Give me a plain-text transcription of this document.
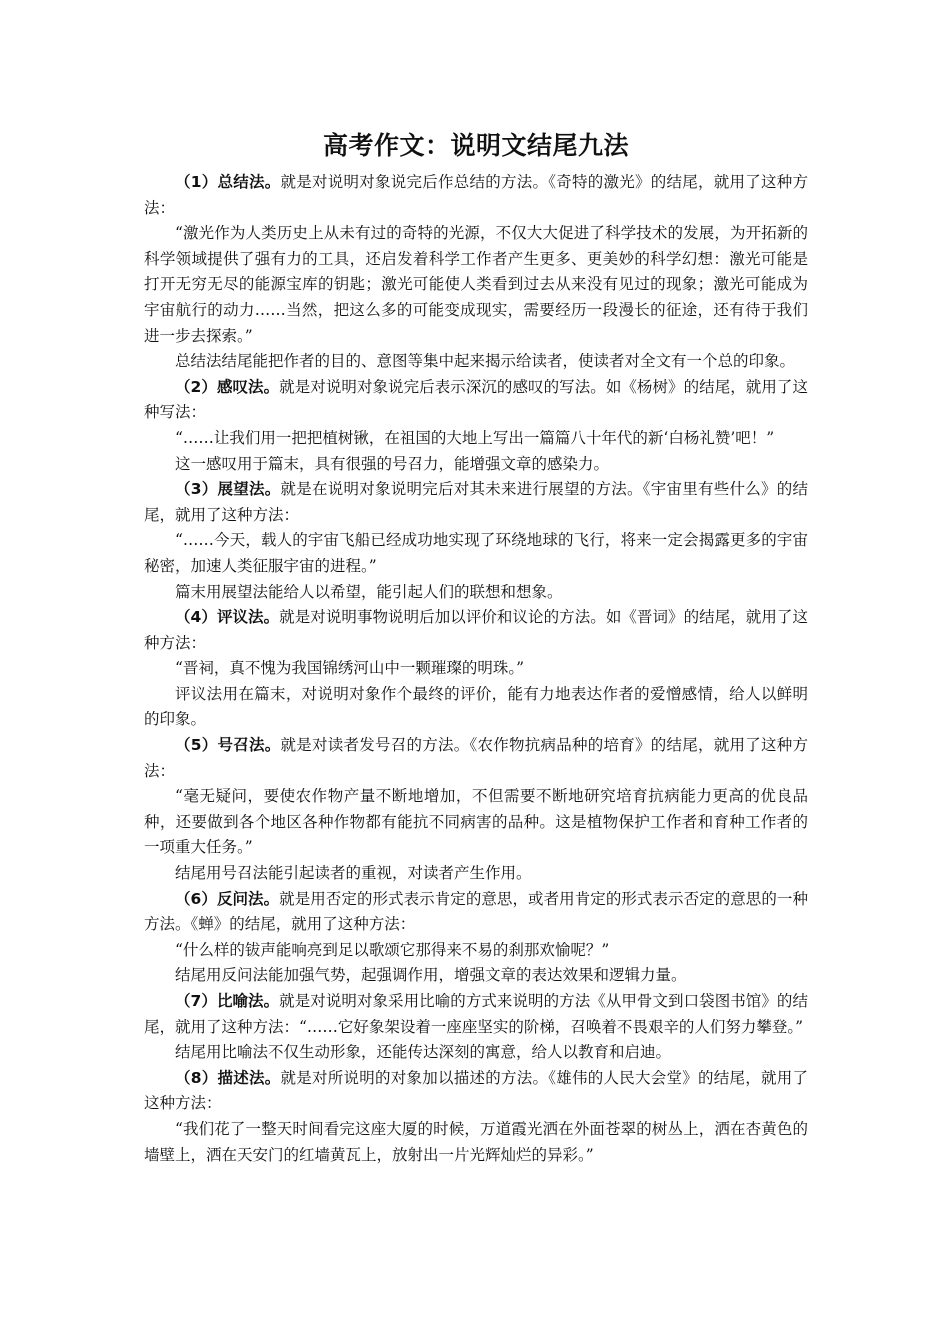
高考作文：说明文结尾九法

（1）总结法。就是对说明对象说完后作总结的方法。《奇特的激光》的结尾，就用了这种方法：

“激光作为人类历史上从未有过的奇特的光源，不仅大大促进了科学技术的发展，为开拓新的科学领域提供了强有力的工具，还启发着科学工作者产生更多、更美妙的科学幻想：激光可能是打开无穷无尽的能源宝库的钥匙；激光可能使人类看到过去从来没有见过的现象；激光可能成为宇宙航行的动力……当然，把这么多的可能变成现实，需要经历一段漫长的征途，还有待于我们进一步去探索。”

总结法结尾能把作者的目的、意图等集中起来揭示给读者，使读者对全文有一个总的印象。

（2）感叹法。就是对说明对象说完后表示深沉的感叹的写法。如《杨树》的结尾，就用了这种写法：

“……让我们用一把把植树锹，在祖国的大地上写出一篇篇八十年代的新‘白杨礼赞’吧！”

这一感叹用于篇末，具有很强的号召力，能增强文章的感染力。

（3）展望法。就是在说明对象说明完后对其未来进行展望的方法。《宇宙里有些什么》的结尾，就用了这种方法：

“……今天，载人的宇宙飞船已经成功地实现了环绕地球的飞行，将来一定会揭露更多的宇宙秘密，加速人类征服宇宙的进程。”

篇末用展望法能给人以希望，能引起人们的联想和想象。

（4）评议法。就是对说明事物说明后加以评价和议论的方法。如《晋词》的结尾，就用了这种方法：

“晋祠，真不愧为我国锦绣河山中一颗璀璨的明珠。”

评议法用在篇末，对说明对象作个最终的评价，能有力地表达作者的爱憎感情，给人以鲜明的印象。

（5）号召法。就是对读者发号召的方法。《农作物抗病品种的培育》的结尾，就用了这种方法：

“毫无疑问，要使农作物产量不断地增加，不但需要不断地研究培育抗病能力更高的优良品种，还要做到各个地区各种作物都有能抗不同病害的品种。这是植物保护工作者和育种工作者的一项重大任务。”

结尾用号召法能引起读者的重视，对读者产生作用。

（6）反问法。就是用否定的形式表示肯定的意思，或者用肯定的形式表示否定的意思的一种方法。《蝉》的结尾，就用了这种方法：

“什么样的钹声能响亮到足以歌颂它那得来不易的刹那欢愉呢？”

结尾用反问法能加强气势，起强调作用，增强文章的表达效果和逻辑力量。

（7）比喻法。就是对说明对象采用比喻的方式来说明的方法《从甲骨文到口袋图书馆》的结尾，就用了这种方法：“……它好象架设着一座座坚实的阶梯，召唤着不畏艰辛的人们努力攀登。”

结尾用比喻法不仅生动形象，还能传达深刻的寓意，给人以教育和启迪。

（8）描述法。就是对所说明的对象加以描述的方法。《雄伟的人民大会堂》的结尾，就用了这种方法：

“我们花了一整天时间看完这座大厦的时候，万道霞光洒在外面苍翠的树丛上，洒在杏黄色的墙壁上，洒在天安门的红墙黄瓦上，放射出一片光辉灿烂的异彩。”
